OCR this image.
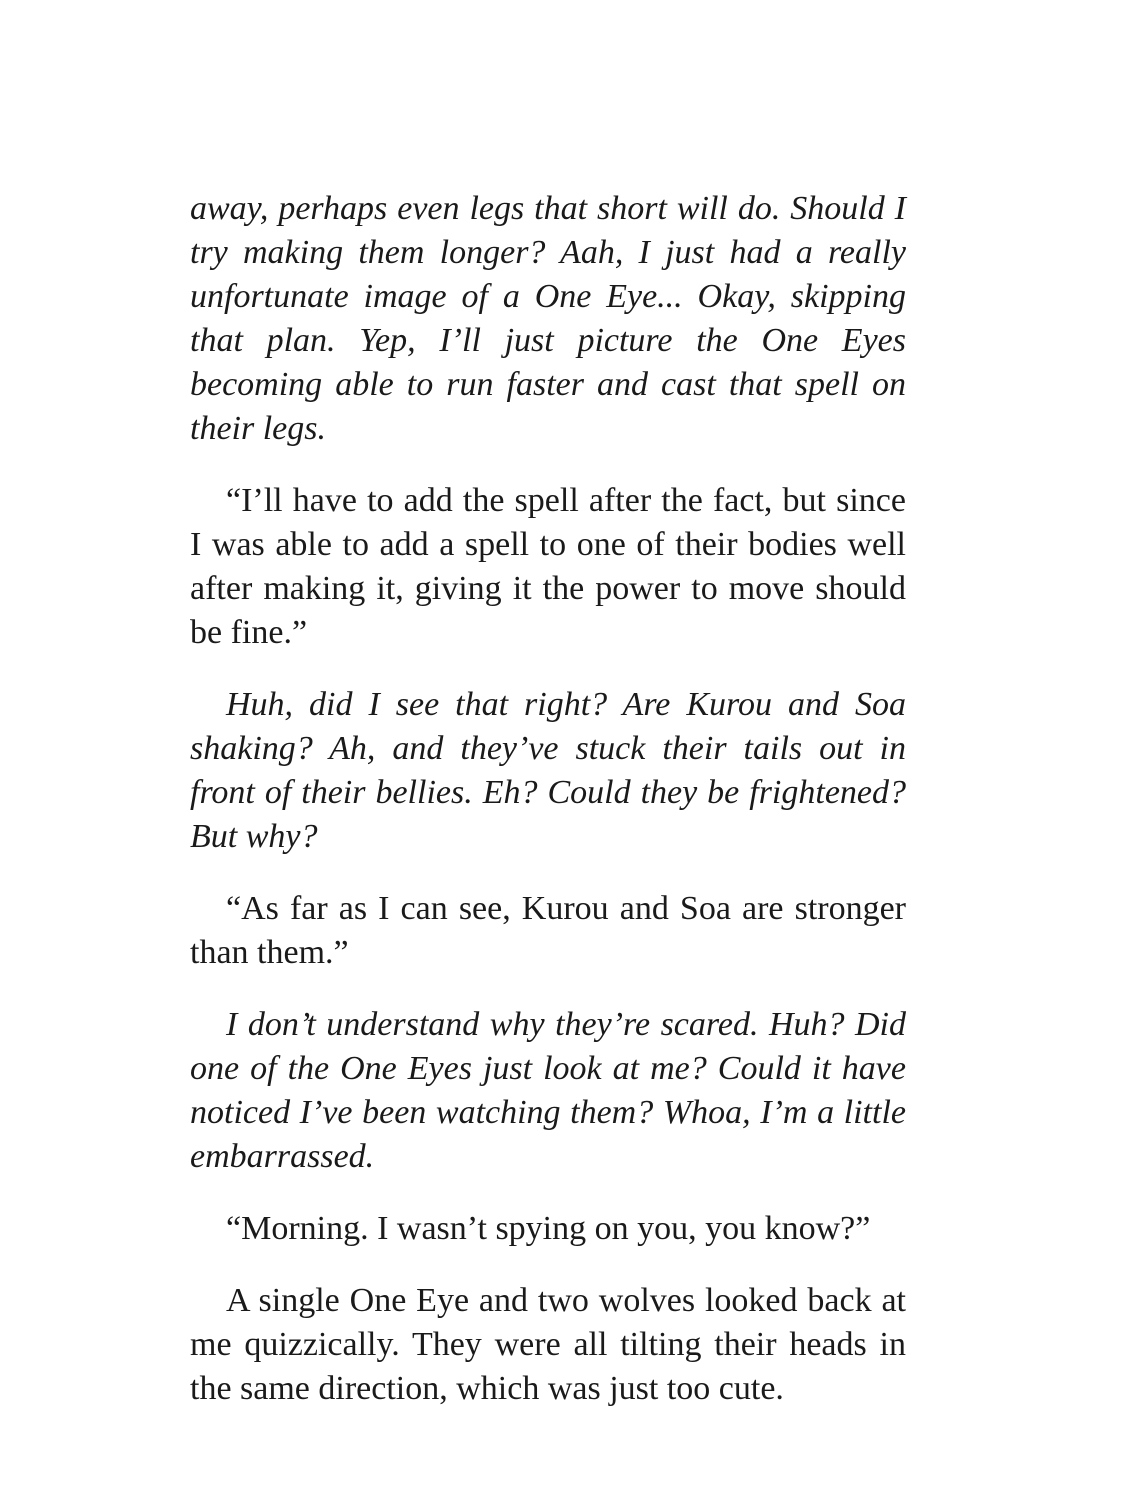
away, perhaps even legs that short will do. Should I try making them longer? Aah, I just had a really unfortunate image of a One Eye... Okay, skipping that plan. Yep, I’ll just picture the One Eyes becoming able to run faster and cast that spell on their legs.

“I’ll have to add the spell after the fact, but since I was able to add a spell to one of their bodies well after making it, giving it the power to move should be fine.”

Huh, did I see that right? Are Kurou and Soa shaking? Ah, and they’ve stuck their tails out in front of their bellies. Eh? Could they be frightened? But why?

“As far as I can see, Kurou and Soa are stronger than them.”

I don’t understand why they’re scared. Huh? Did one of the One Eyes just look at me? Could it have noticed I’ve been watching them? Whoa, I’m a little embarrassed.

“Morning. I wasn’t spying on you, you know?”

A single One Eye and two wolves looked back at me quizzically. They were all tilting their heads in the same direction, which was just too cute.
